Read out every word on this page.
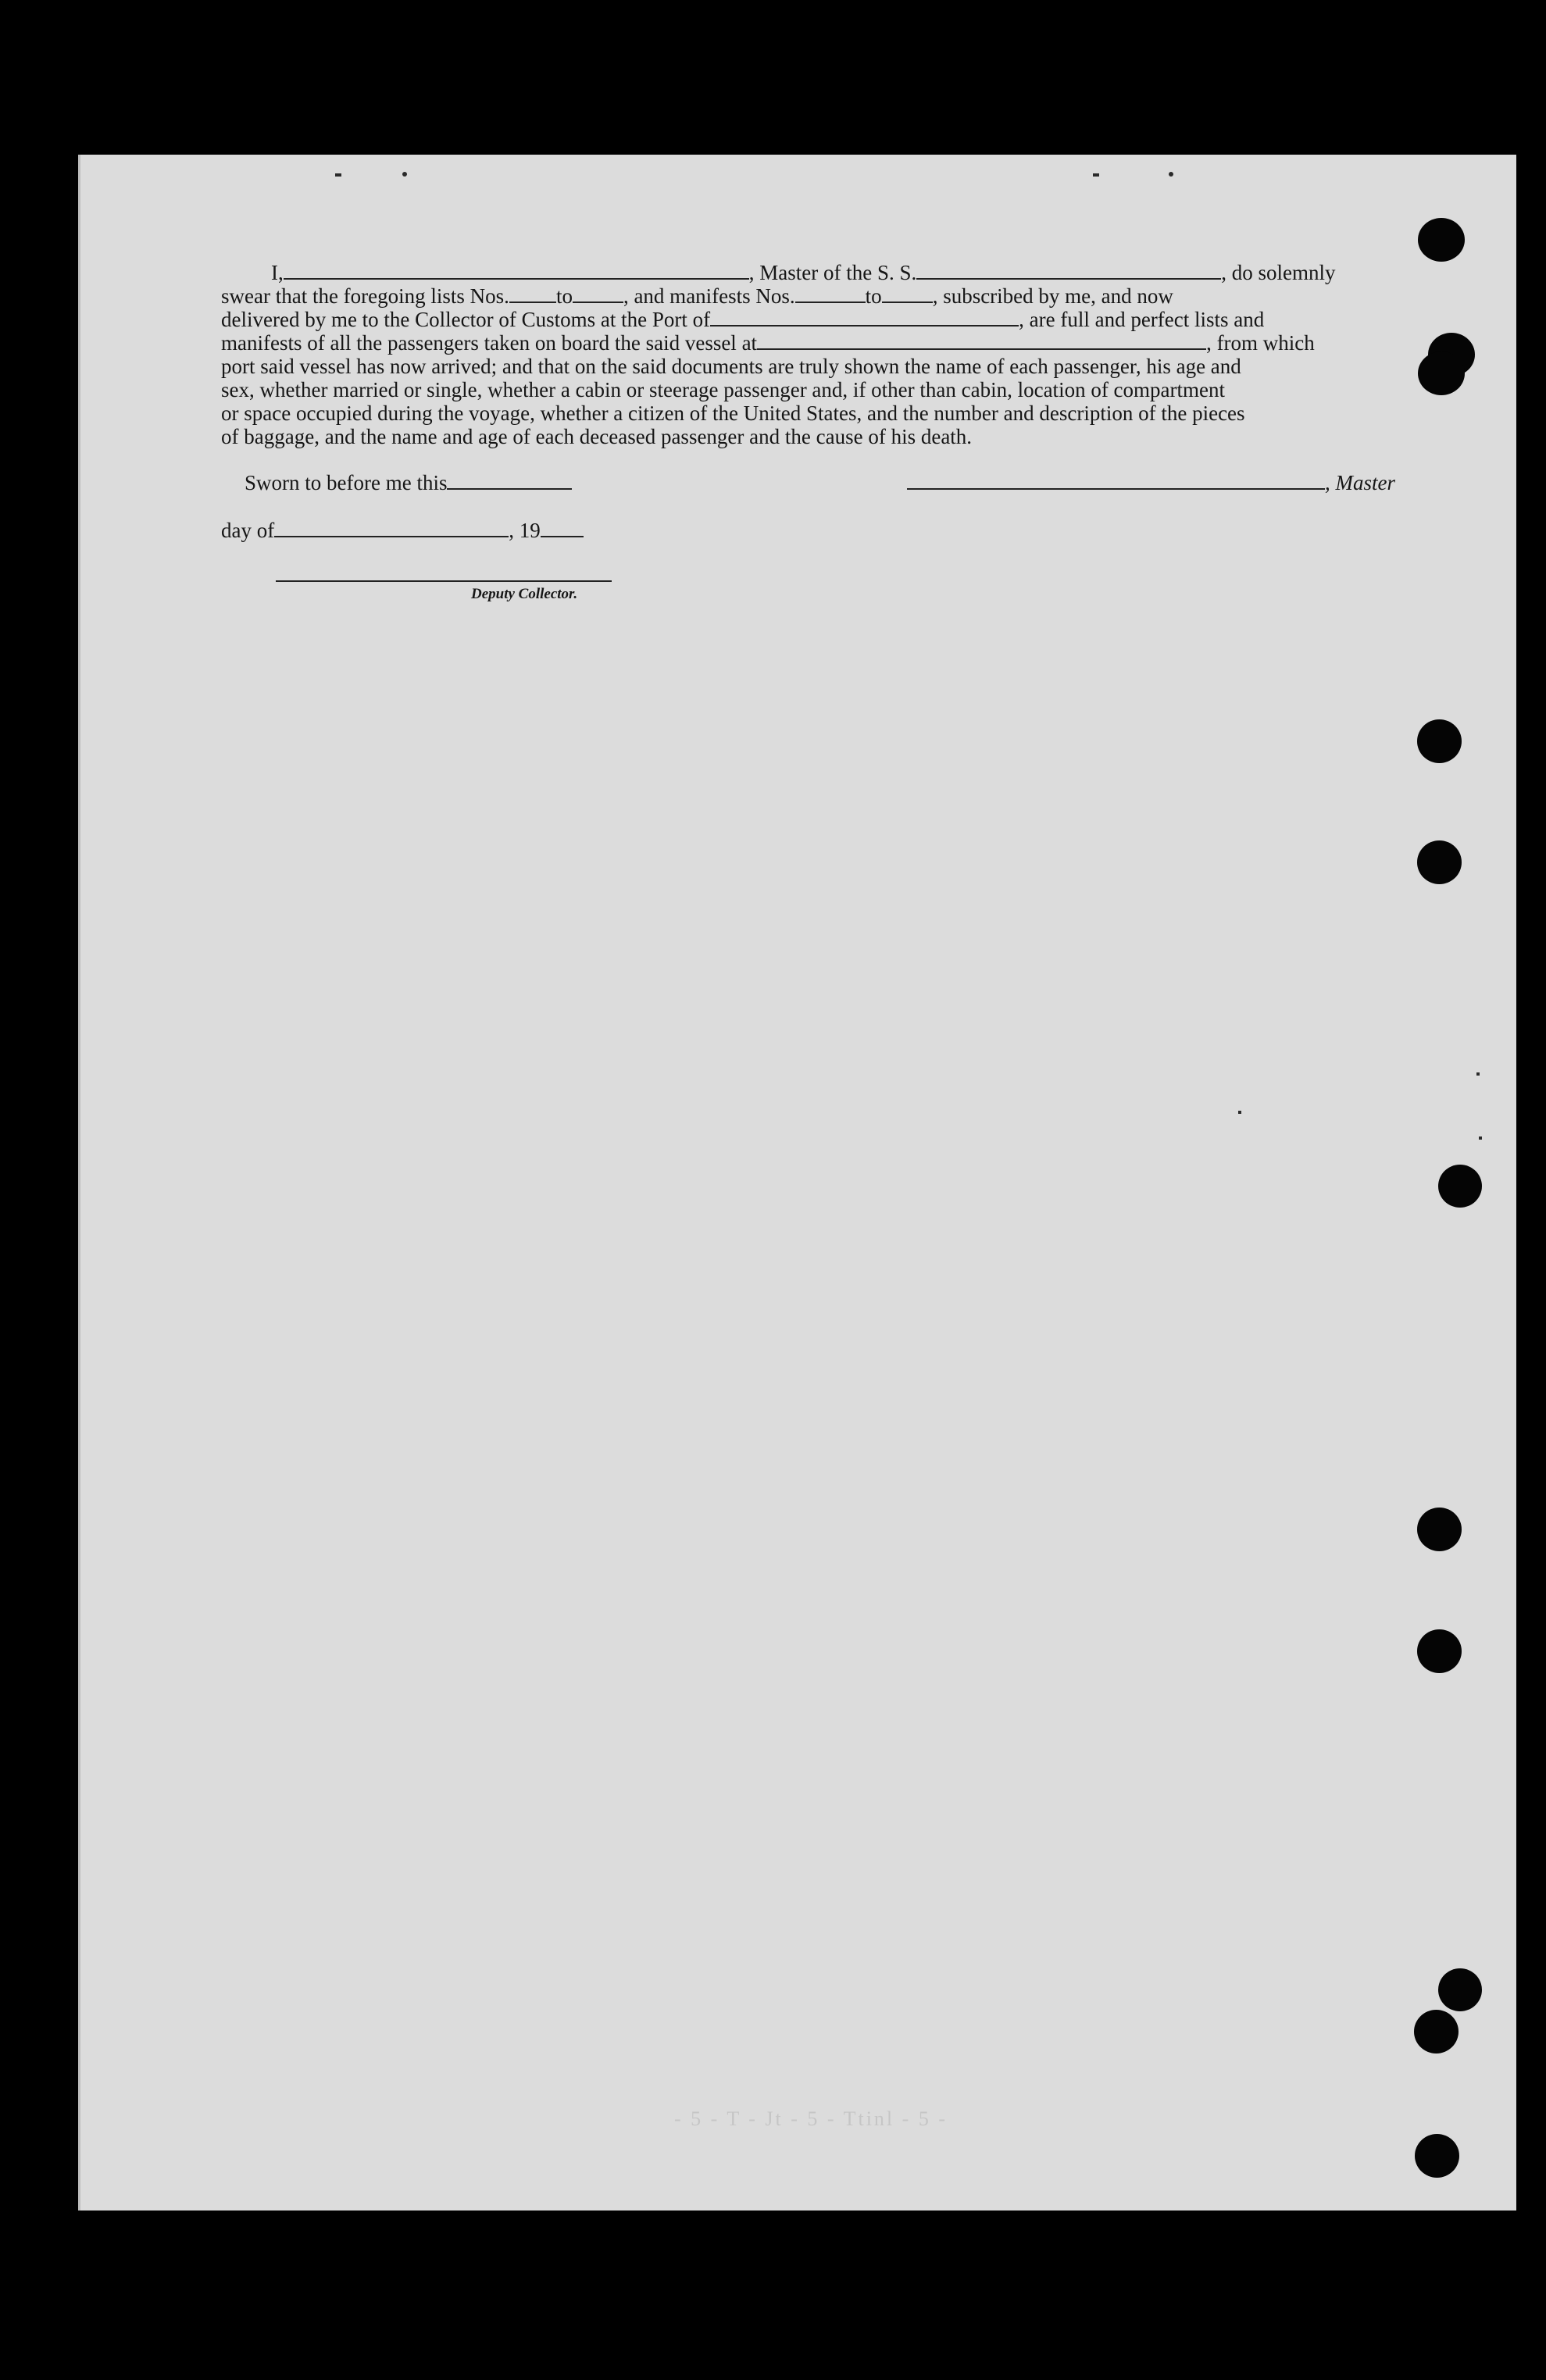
I,	, Master of the S. S.	, do solemnly
swear that the foregoing lists Nos. to , and manifests Nos.	to , subscribed by me, and now
delivered by me to the Collector of Customs at the Port of	, are full and perfect lists and
manifests of all the passengers taken on board the said vessel at	, from which
port said vessel has now arrived; and that on the said documents are truly shown the name of each passenger, his age and
sex, whether married or single, whether a cabin or steerage passenger and, if other than cabin, location of compartment
or space occupied during the voyage, whether a citizen of the United States, and the number and description of the pieces
of baggage, and the name and age of each deceased passenger and the cause of his death.
Sworn to before me this	, Master
day of	, 19
Deputy Collector.
- 5 - T - Jt - 5 - Ttinl - 5 -
